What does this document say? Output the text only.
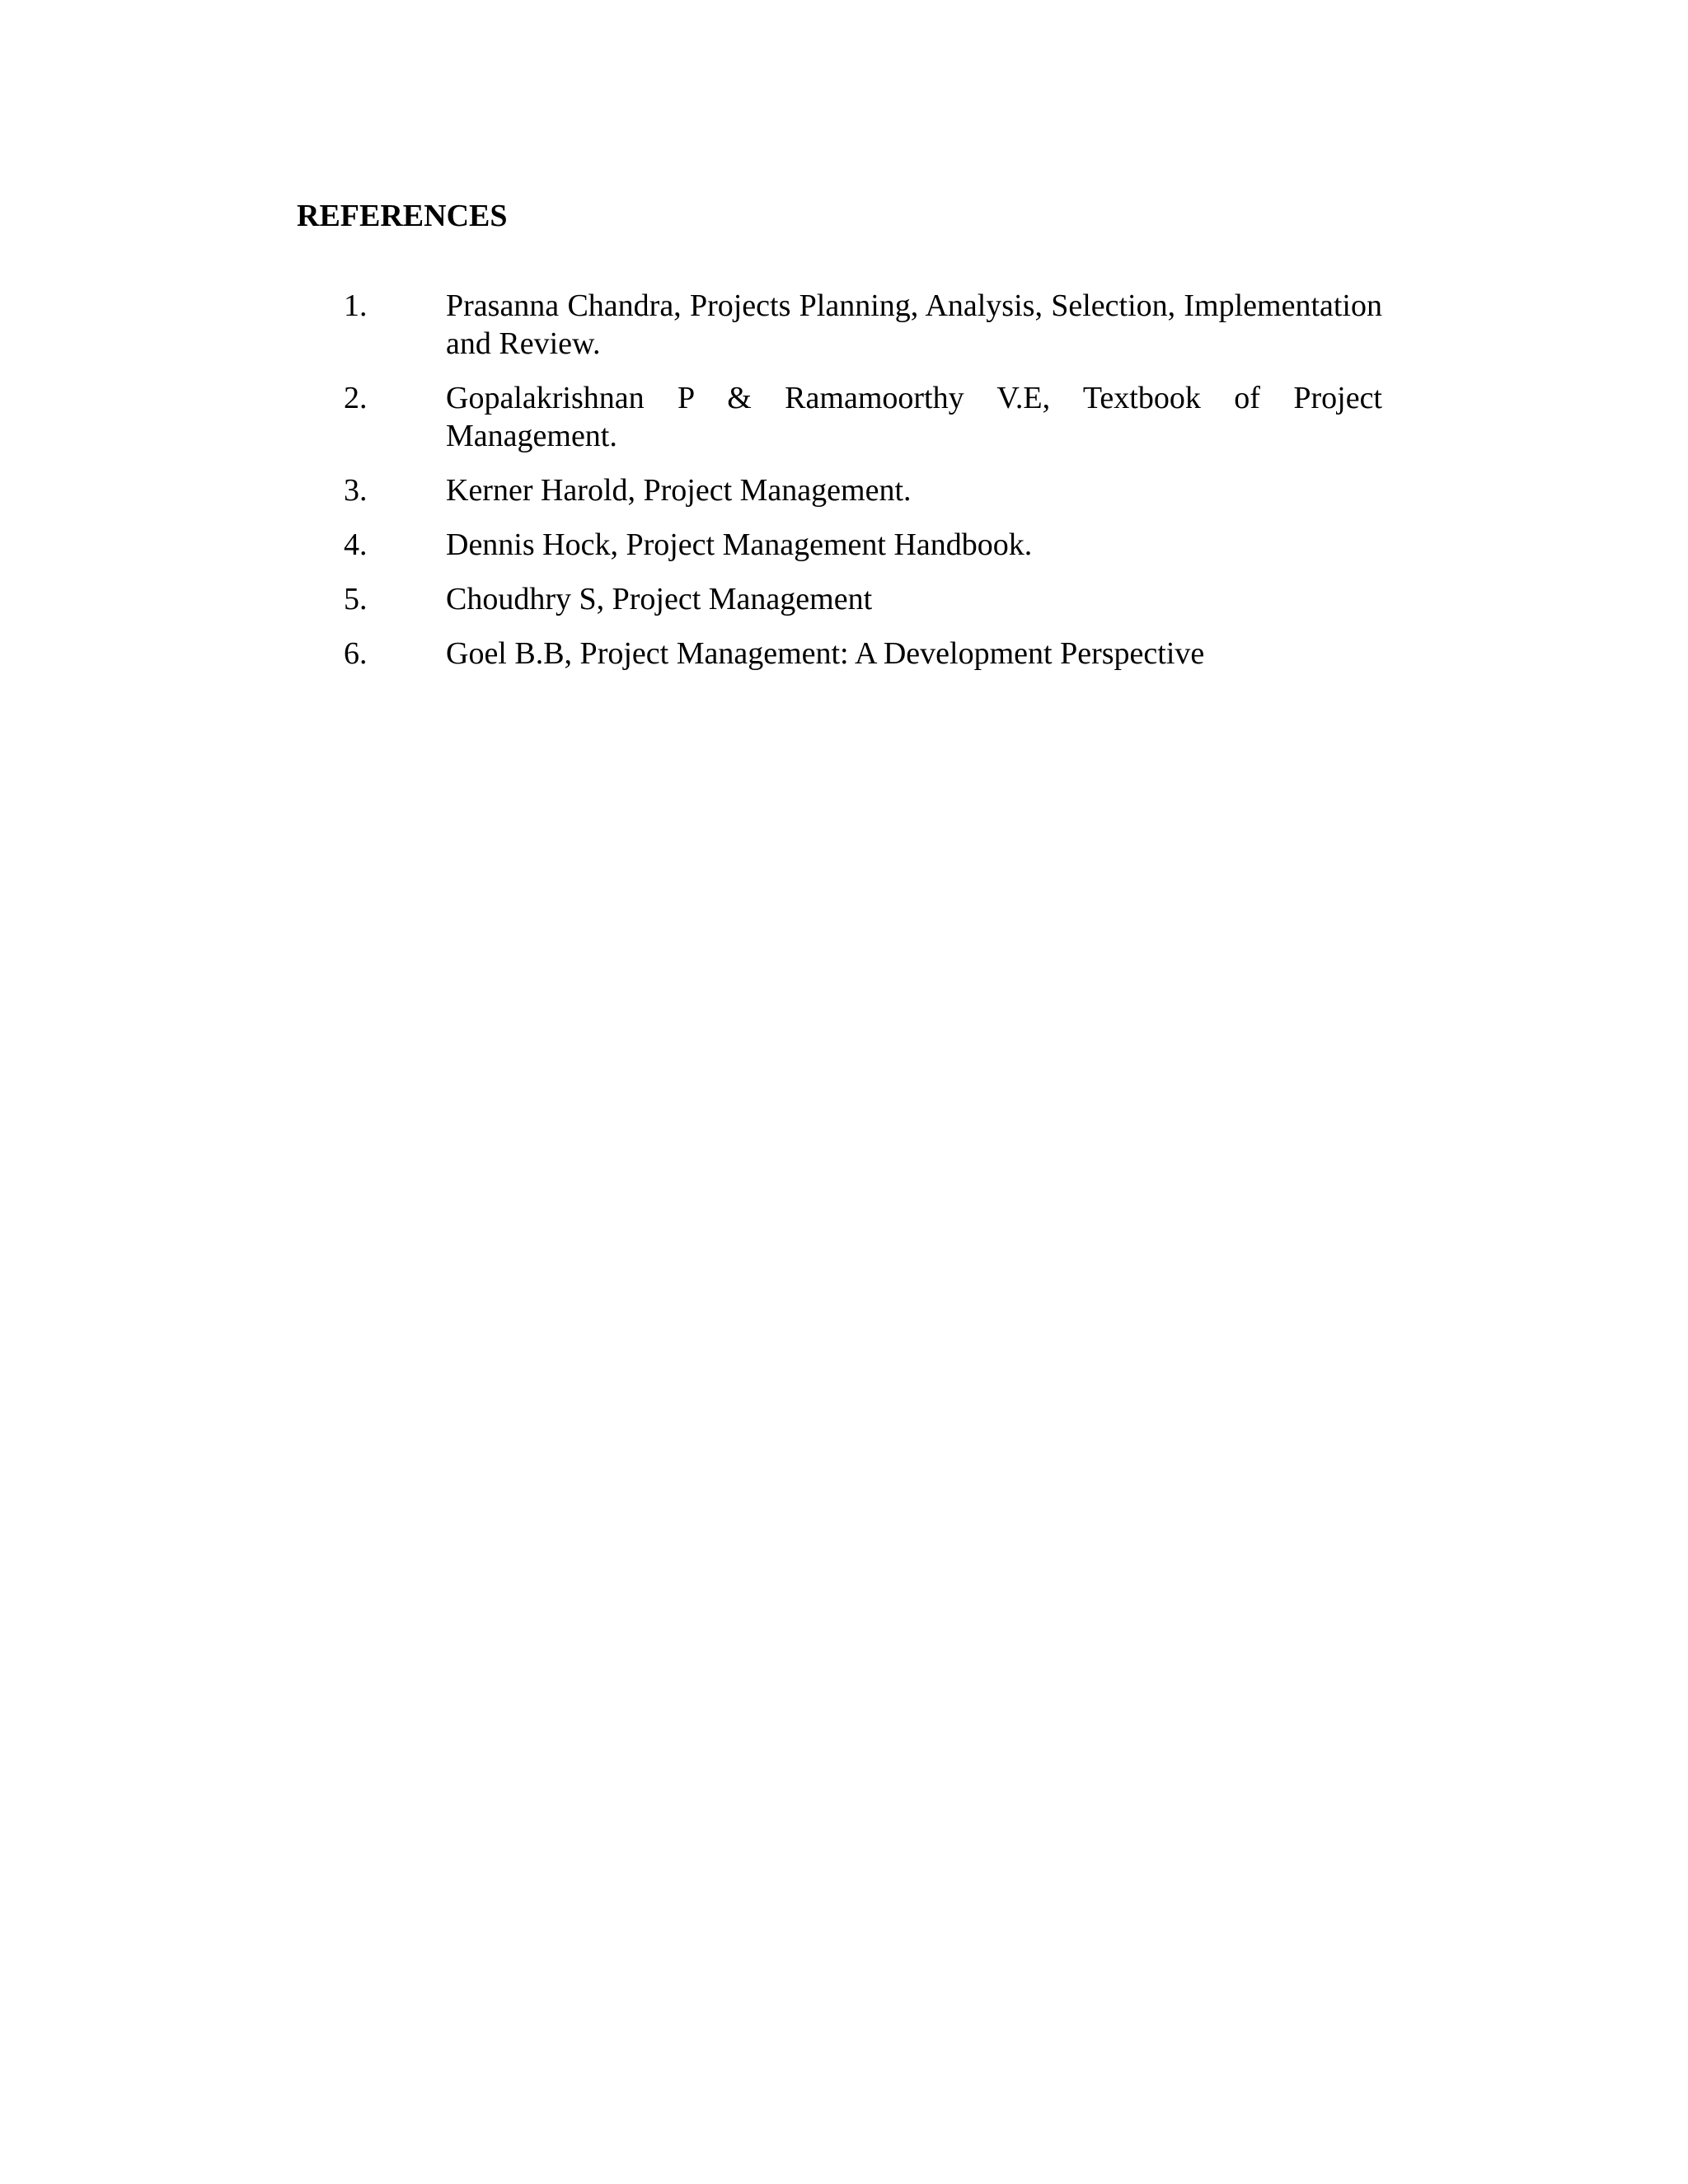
REFERENCES
1.	Prasanna Chandra, Projects Planning, Analysis, Selection, Implementation and Review.
2.	Gopalakrishnan P & Ramamoorthy V.E, Textbook of Project Management.
3.	Kerner Harold, Project Management.
4.	Dennis Hock, Project Management Handbook.
5.	Choudhry S, Project Management
6.	Goel B.B, Project Management: A Development Perspective
